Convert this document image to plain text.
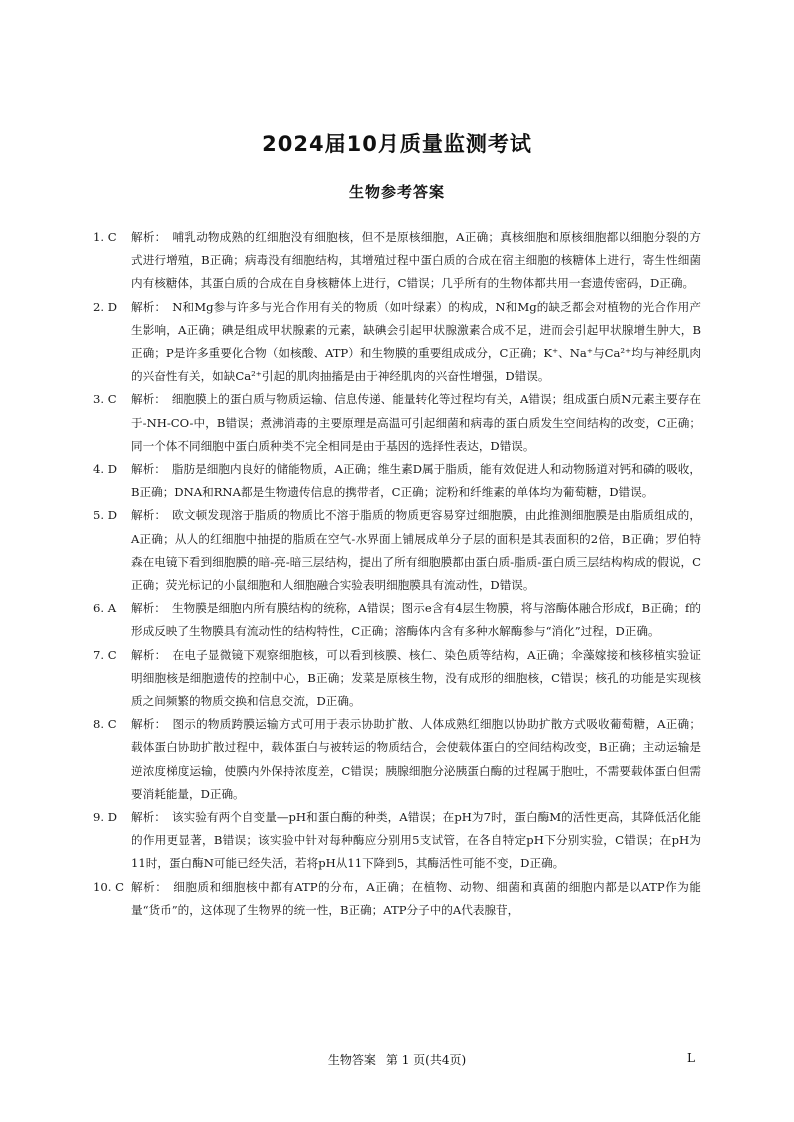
2024届10月质量监测考试
生物参考答案

1. C 解析： 哺乳动物成熟的红细胞没有细胞核，但不是原核细胞，A正确；真核细胞和原核细胞都以细胞分裂的方式进行增殖，B正确；病毒没有细胞结构，其增殖过程中蛋白质的合成在宿主细胞的核糖体上进行，寄生性细菌内有核糖体，其蛋白质的合成在自身核糖体上进行，C错误；几乎所有的生物体都共用一套遗传密码，D正确。

2. D 解析： N和Mg参与许多与光合作用有关的物质（如叶绿素）的构成，N和Mg的缺乏都会对植物的光合作用产生影响，A正确；碘是组成甲状腺素的元素，缺碘会引起甲状腺激素合成不足，进而会引起甲状腺增生肿大，B正确；P是许多重要化合物（如核酸、ATP）和生物膜的重要组成成分，C正确；K⁺、Na⁺与Ca²⁺均与神经肌肉的兴奋性有关，如缺Ca²⁺引起的肌肉抽搐是由于神经肌肉的兴奋性增强，D错误。

3. C 解析： 细胞膜上的蛋白质与物质运输、信息传递、能量转化等过程均有关，A错误；组成蛋白质N元素主要存在于-NH-CO-中，B错误；煮沸消毒的主要原理是高温可引起细菌和病毒的蛋白质发生空间结构的改变，C正确；同一个体不同细胞中蛋白质种类不完全相同是由于基因的选择性表达，D错误。

4. D 解析： 脂肪是细胞内良好的储能物质，A正确；维生素D属于脂质，能有效促进人和动物肠道对钙和磷的吸收，B正确；DNA和RNA都是生物遗传信息的携带者，C正确；淀粉和纤维素的单体均为葡萄糖，D错误。

5. D 解析： 欧文顿发现溶于脂质的物质比不溶于脂质的物质更容易穿过细胞膜，由此推测细胞膜是由脂质组成的，A正确；从人的红细胞中抽提的脂质在空气-水界面上铺展成单分子层的面积是其表面积的2倍，B正确；罗伯特森在电镜下看到细胞膜的暗-亮-暗三层结构，提出了所有细胞膜都由蛋白质-脂质-蛋白质三层结构构成的假说，C正确；荧光标记的小鼠细胞和人细胞融合实验表明细胞膜具有流动性，D错误。

6. A 解析： 生物膜是细胞内所有膜结构的统称，A错误；图示e含有4层生物膜，将与溶酶体融合形成f，B正确；f的形成反映了生物膜具有流动性的结构特性，C正确；溶酶体内含有多种水解酶参与“消化”过程，D正确。

7. C 解析： 在电子显微镜下观察细胞核，可以看到核膜、核仁、染色质等结构，A正确；伞藻嫁接和核移植实验证明细胞核是细胞遗传的控制中心，B正确；发菜是原核生物，没有成形的细胞核，C错误；核孔的功能是实现核质之间频繁的物质交换和信息交流，D正确。

8. C 解析： 图示的物质跨膜运输方式可用于表示协助扩散、人体成熟红细胞以协助扩散方式吸收葡萄糖，A正确；载体蛋白协助扩散过程中，载体蛋白与被转运的物质结合，会使载体蛋白的空间结构改变，B正确；主动运输是逆浓度梯度运输，使膜内外保持浓度差，C错误；胰腺细胞分泌胰蛋白酶的过程属于胞吐，不需要载体蛋白但需要消耗能量，D正确。

9. D 解析： 该实验有两个自变量—pH和蛋白酶的种类，A错误；在pH为7时，蛋白酶M的活性更高，其降低活化能的作用更显著，B错误；该实验中针对每种酶应分别用5支试管，在各自特定pH下分别实验，C错误；在pH为11时，蛋白酶N可能已经失活，若将pH从11下降到5，其酶活性可能不变，D正确。

10. C 解析： 细胞质和细胞核中都有ATP的分布，A正确；在植物、动物、细菌和真菌的细胞内都是以ATP作为能量“货币”的，这体现了生物界的统一性，B正确；ATP分子中的A代表腺苷，

生物答案 第 1 页(共4页)	L
